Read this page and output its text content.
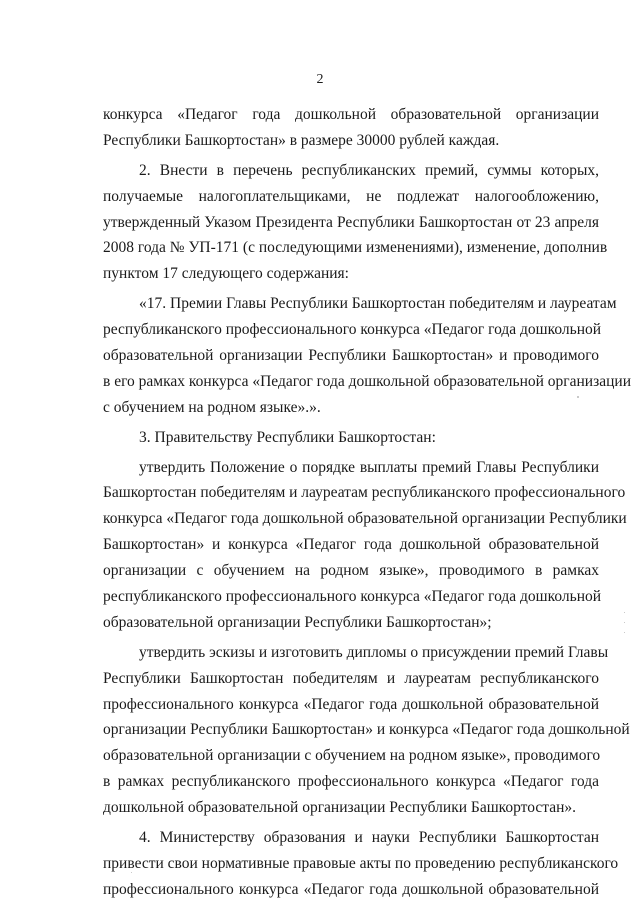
2
конкурса «Педагог года дошкольной образовательной организации
Республики Башкортостан» в размере 30000 рублей каждая.
2. Внести в перечень республиканских премий, суммы которых,
получаемые налогоплательщиками, не подлежат налогообложению,
утвержденный Указом Президента Республики Башкортостан от 23 апреля
2008 года № УП-171 (с последующими изменениями), изменение, дополнив
пунктом 17 следующего содержания:
«17. Премии Главы Республики Башкортостан победителям и лауреатам
республиканского профессионального конкурса «Педагог года дошкольной
образовательной организации Республики Башкортостан» и проводимого
в его рамках конкурса «Педагог года дошкольной образовательной организации
с обучением на родном языке».».
3. Правительству Республики Башкортостан:
утвердить Положение о порядке выплаты премий Главы Республики
Башкортостан победителям и лауреатам республиканского профессионального
конкурса «Педагог года дошкольной образовательной организации Республики
Башкортостан» и конкурса «Педагог года дошкольной образовательной
организации с обучением на родном языке», проводимого в рамках
республиканского профессионального конкурса «Педагог года дошкольной
образовательной организации Республики Башкортостан»;
утвердить эскизы и изготовить дипломы о присуждении премий Главы
Республики Башкортостан победителям и лауреатам республиканского
профессионального конкурса «Педагог года дошкольной образовательной
организации Республики Башкортостан» и конкурса «Педагог года дошкольной
образовательной организации с обучением на родном языке», проводимого
в рамках республиканского профессионального конкурса «Педагог года
дошкольной образовательной организации Республики Башкортостан».
4. Министерству образования и науки Республики Башкортостан
привести свои нормативные правовые акты по проведению республиканского
профессионального конкурса «Педагог года дошкольной образовательной
